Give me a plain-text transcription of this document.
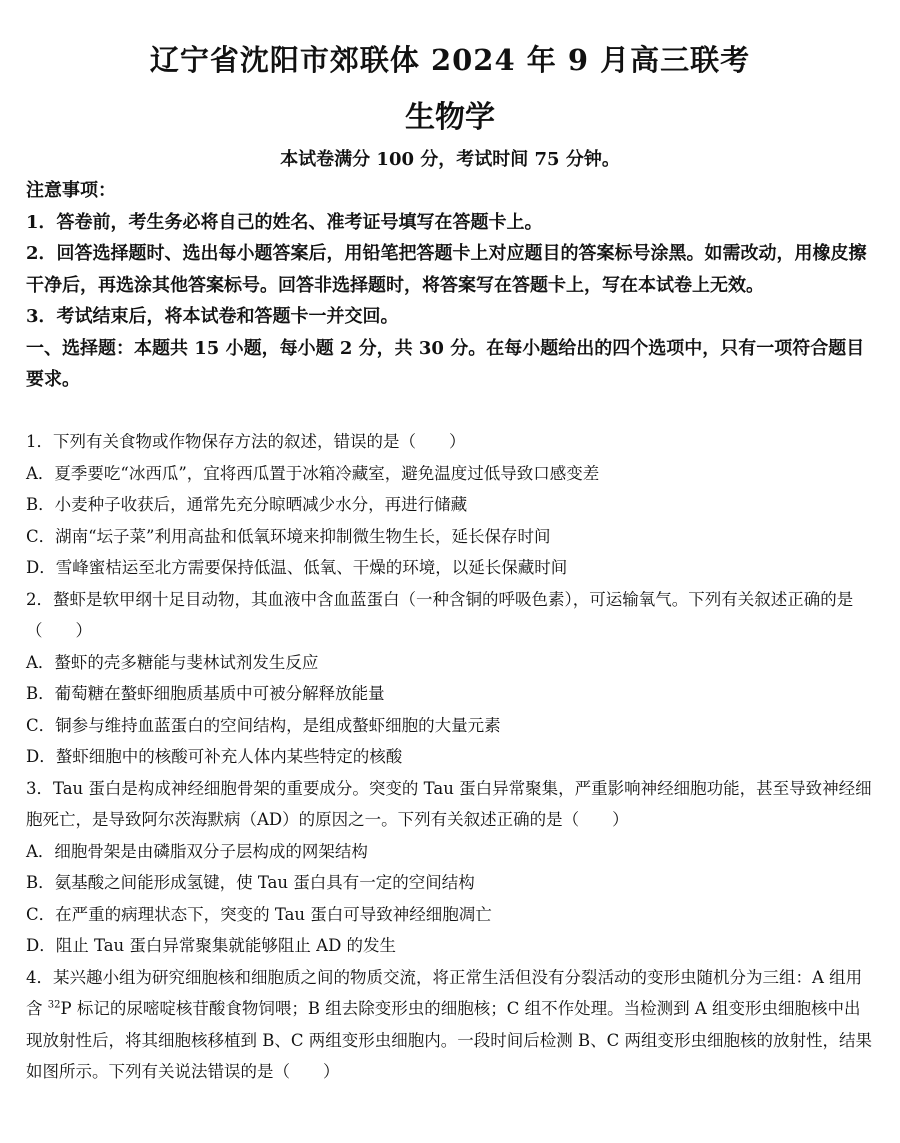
辽宁省沈阳市郊联体 2024 年 9 月高三联考
生物学
本试卷满分 100 分，考试时间 75 分钟。

注意事项：

1．答卷前，考生务必将自己的姓名、准考证号填写在答题卡上。

2．回答选择题时、选出每小题答案后，用铅笔把答题卡上对应题目的答案标号涂黑。如需改动，用橡皮擦干净后，再选涂其他答案标号。回答非选择题时，将答案写在答题卡上，写在本试卷上无效。

3．考试结束后，将本试卷和答题卡一并交回。

一、选择题：本题共 15 小题，每小题 2 分，共 30 分。在每小题给出的四个选项中，只有一项符合题目要求。

1．下列有关食物或作物保存方法的叙述，错误的是（　　）

A．夏季要吃“冰西瓜”，宜将西瓜置于冰箱冷藏室，避免温度过低导致口感变差

B．小麦种子收获后，通常先充分晾晒减少水分，再进行储藏

C．湖南“坛子菜”利用高盐和低氧环境来抑制微生物生长，延长保存时间

D．雪峰蜜桔运至北方需要保持低温、低氧、干燥的环境，以延长保藏时间

2．螯虾是软甲纲十足目动物，其血液中含血蓝蛋白（一种含铜的呼吸色素），可运输氧气。下列有关叙述正确的是（　　）

A．螯虾的壳多糖能与斐林试剂发生反应

B．葡萄糖在螯虾细胞质基质中可被分解释放能量

C．铜参与维持血蓝蛋白的空间结构，是组成螯虾细胞的大量元素

D．螯虾细胞中的核酸可补充人体内某些特定的核酸

3．Tau 蛋白是构成神经细胞骨架的重要成分。突变的 Tau 蛋白异常聚集，严重影响神经细胞功能，甚至导致神经细胞死亡，是导致阿尔茨海默病（AD）的原因之一。下列有关叙述正确的是（　　）

A．细胞骨架是由磷脂双分子层构成的网架结构

B．氨基酸之间能形成氢键，使 Tau 蛋白具有一定的空间结构

C．在严重的病理状态下，突变的 Tau 蛋白可导致神经细胞凋亡

D．阻止 Tau 蛋白异常聚集就能够阻止 AD 的发生

4．某兴趣小组为研究细胞核和细胞质之间的物质交流，将正常生活但没有分裂活动的变形虫随机分为三组：A 组用含 $^{32}$P 标记的尿嘧啶核苷酸食物饲喂；B 组去除变形虫的细胞核；C 组不作处理。当检测到 A 组变形虫细胞核中出现放射性后，将其细胞核移植到 B、C 两组变形虫细胞内。一段时间后检测 B、C 两组变形虫细胞核的放射性，结果如图所示。下列有关说法错误的是（　　）
